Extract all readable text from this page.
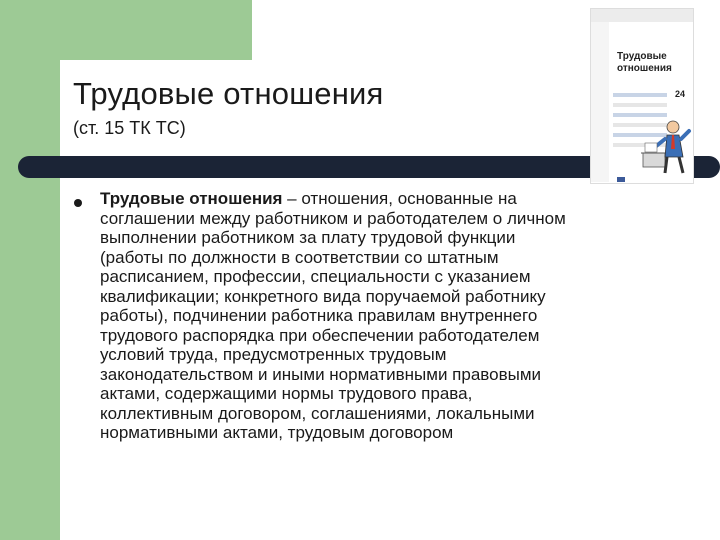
Трудовые отношения
(ст. 15 ТК ТС)
Трудовые
отношения
24
Трудовые отношения – отношения, основанные на
соглашении между работником и работодателем о личном
выполнении работником за плату трудовой функции
(работы по должности в соответствии со штатным
расписанием, профессии, специальности с указанием
квалификации; конкретного вида поручаемой работнику
работы), подчинении работника правилам внутреннего
трудового распорядка при обеспечении работодателем
условий труда, предусмотренных трудовым
законодательством и иными нормативными правовыми
актами, содержащими нормы трудового права,
коллективным договором, соглашениями, локальными
нормативными актами, трудовым договором
